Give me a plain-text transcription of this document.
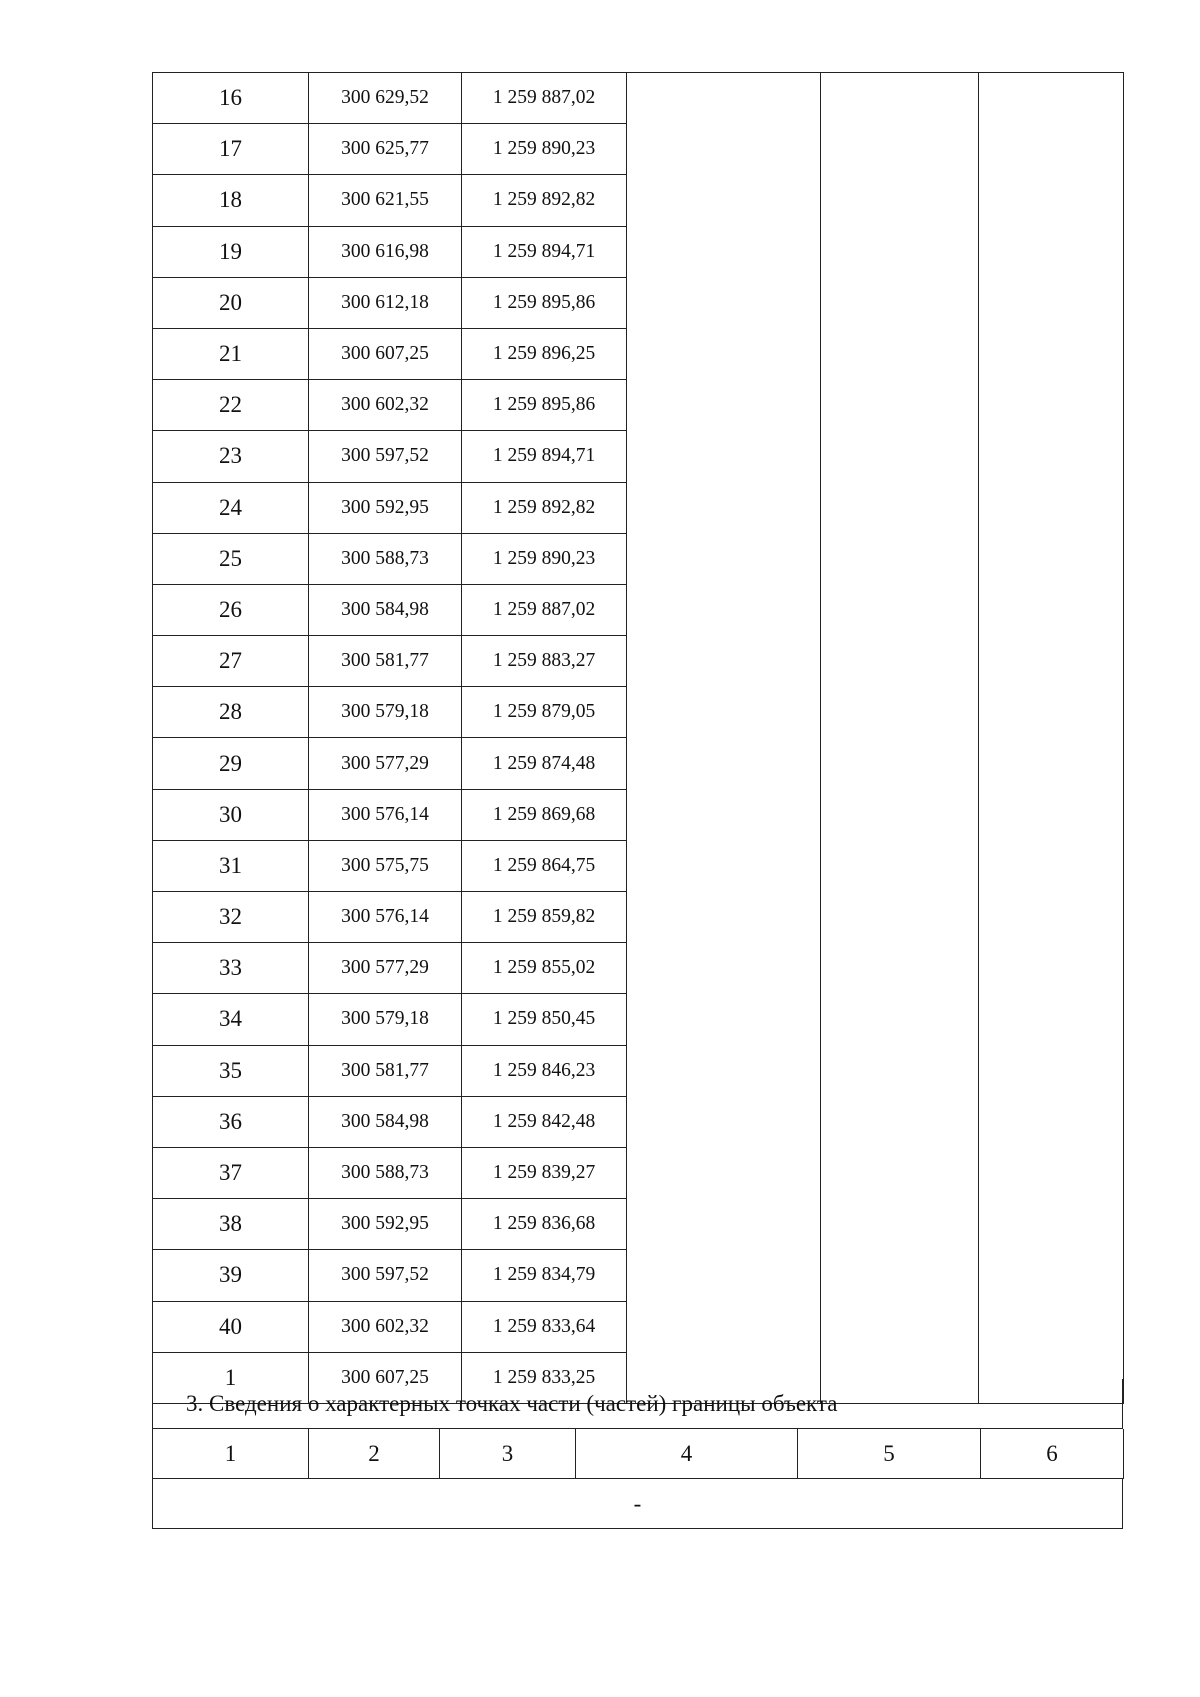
16	300 629,52	1 259 887,02			
17	300 625,77	1 259 890,23			
18	300 621,55	1 259 892,82			
19	300 616,98	1 259 894,71			
20	300 612,18	1 259 895,86			
21	300 607,25	1 259 896,25			
22	300 602,32	1 259 895,86			
23	300 597,52	1 259 894,71			
24	300 592,95	1 259 892,82			
25	300 588,73	1 259 890,23			
26	300 584,98	1 259 887,02			
27	300 581,77	1 259 883,27			
28	300 579,18	1 259 879,05			
29	300 577,29	1 259 874,48			
30	300 576,14	1 259 869,68			
31	300 575,75	1 259 864,75			
32	300 576,14	1 259 859,82			
33	300 577,29	1 259 855,02			
34	300 579,18	1 259 850,45			
35	300 581,77	1 259 846,23			
36	300 584,98	1 259 842,48			
37	300 588,73	1 259 839,27			
38	300 592,95	1 259 836,68			
39	300 597,52	1 259 834,79			
40	300 602,32	1 259 833,64			
1	300 607,25	1 259 833,25			
3. Сведения о характерных точках части (частей) границы объекта
1	2	3	4	5	6
-
